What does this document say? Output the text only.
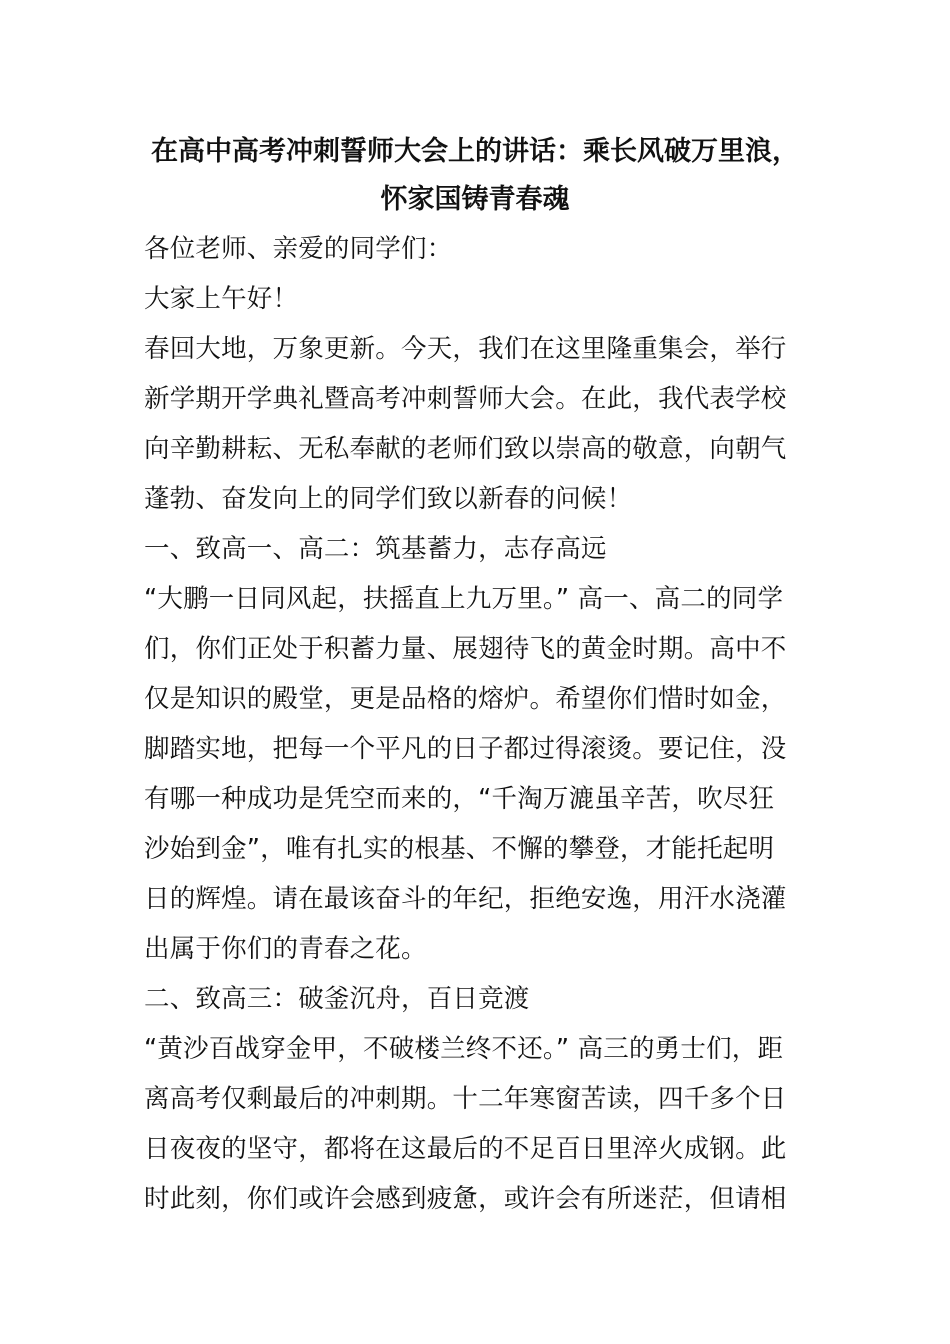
在高中高考冲刺誓师大会上的讲话：乘长风破万里浪，
怀家国铸青春魂
各位老师、亲爱的同学们：
大家上午好！
春回大地，万象更新。今天，我们在这里隆重集会，举行
新学期开学典礼暨高考冲刺誓师大会。在此，我代表学校
向辛勤耕耘、无私奉献的老师们致以崇高的敬意，向朝气
蓬勃、奋发向上的同学们致以新春的问候！
一、致高一、高二：筑基蓄力，志存高远
“大鹏一日同风起，扶摇直上九万里。” 高一、高二的同学
们，你们正处于积蓄力量、展翅待飞的黄金时期。高中不
仅是知识的殿堂，更是品格的熔炉。希望你们惜时如金，
脚踏实地，把每一个平凡的日子都过得滚烫。要记住，没
有哪一种成功是凭空而来的，“千淘万漉虽辛苦，吹尽狂
沙始到金”，唯有扎实的根基、不懈的攀登，才能托起明
日的辉煌。请在最该奋斗的年纪，拒绝安逸，用汗水浇灌
出属于你们的青春之花。
二、致高三：破釜沉舟，百日竞渡
“黄沙百战穿金甲，不破楼兰终不还。” 高三的勇士们，距
离高考仅剩最后的冲刺期。十二年寒窗苦读，四千多个日
日夜夜的坚守，都将在这最后的不足百日里淬火成钢。此
时此刻，你们或许会感到疲惫，或许会有所迷茫，但请相
